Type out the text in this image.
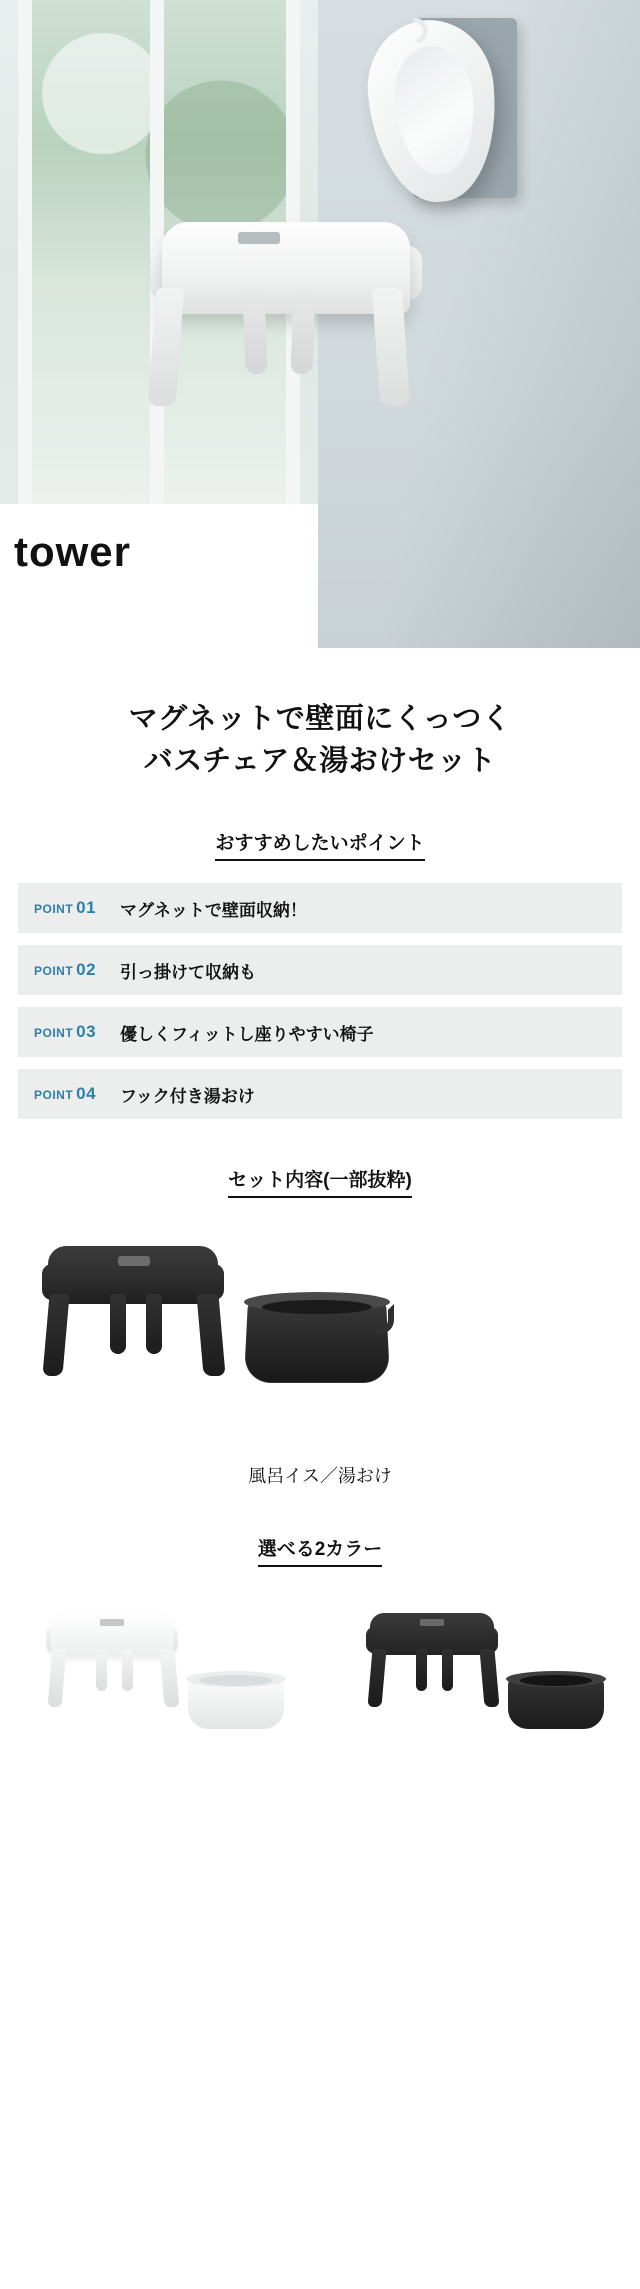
tower
マグネットで壁面にくっつく
バスチェア＆湯おけセット
おすすめしたいポイント
POINT 01	マグネットで壁面収納！
POINT 02	引っ掛けて収納も
POINT 03	優しくフィットし座りやすい椅子
POINT 04	フック付き湯おけ
セット内容(一部抜粋)
風呂イス／湯おけ
選べる2カラー
